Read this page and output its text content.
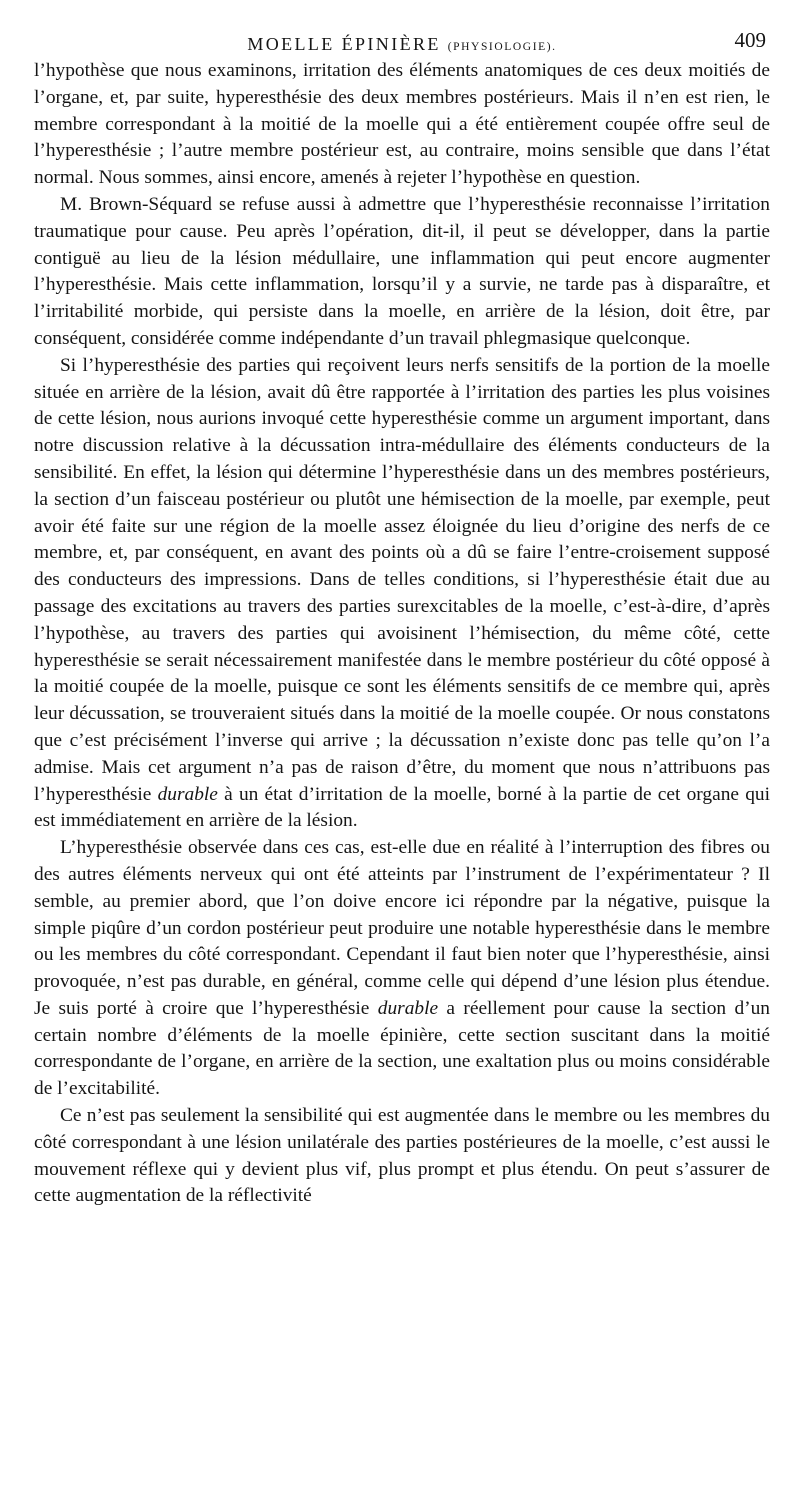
MOELLE ÉPINIÈRE (PHYSIOLOGIE).	409

l’hypothèse que nous examinons, irritation des éléments anatomiques de ces deux moitiés de l’organe, et, par suite, hyperesthésie des deux membres postérieurs. Mais il n’en est rien, le membre correspondant à la moitié de la moelle qui a été entièrement coupée offre seul de l’hyperesthésie ; l’autre membre postérieur est, au contraire, moins sensible que dans l’état normal. Nous sommes, ainsi encore, amenés à rejeter l’hypothèse en question.

M. Brown-Séquard se refuse aussi à admettre que l’hyperesthésie reconnaisse l’irritation traumatique pour cause. Peu après l’opération, dit-il, il peut se développer, dans la partie contiguë au lieu de la lésion médullaire, une inflammation qui peut encore augmenter l’hyperesthésie. Mais cette inflammation, lorsqu’il y a survie, ne tarde pas à disparaître, et l’irritabilité morbide, qui persiste dans la moelle, en arrière de la lésion, doit être, par conséquent, considérée comme indépendante d’un travail phlegmasique quelconque.

Si l’hyperesthésie des parties qui reçoivent leurs nerfs sensitifs de la portion de la moelle située en arrière de la lésion, avait dû être rapportée à l’irritation des parties les plus voisines de cette lésion, nous aurions invoqué cette hyperesthésie comme un argument important, dans notre discussion relative à la décussation intra-médullaire des éléments conducteurs de la sensibilité. En effet, la lésion qui détermine l’hyperesthésie dans un des membres postérieurs, la section d’un faisceau postérieur ou plutôt une hémisection de la moelle, par exemple, peut avoir été faite sur une région de la moelle assez éloignée du lieu d’origine des nerfs de ce membre, et, par conséquent, en avant des points où a dû se faire l’entre-croisement supposé des conducteurs des impressions. Dans de telles conditions, si l’hyperesthésie était due au passage des excitations au travers des parties surexcitables de la moelle, c’est-à-dire, d’après l’hypothèse, au travers des parties qui avoisinent l’hémisection, du même côté, cette hyperesthésie se serait nécessairement manifestée dans le membre postérieur du côté opposé à la moitié coupée de la moelle, puisque ce sont les éléments sensitifs de ce membre qui, après leur décussation, se trouveraient situés dans la moitié de la moelle coupée. Or nous constatons que c’est précisément l’inverse qui arrive ; la décussation n’existe donc pas telle qu’on l’a admise. Mais cet argument n’a pas de raison d’être, du moment que nous n’attribuons pas l’hyperesthésie durable à un état d’irritation de la moelle, borné à la partie de cet organe qui est immédiatement en arrière de la lésion.

L’hyperesthésie observée dans ces cas, est-elle due en réalité à l’interruption des fibres ou des autres éléments nerveux qui ont été atteints par l’instrument de l’expérimentateur ? Il semble, au premier abord, que l’on doive encore ici répondre par la négative, puisque la simple piqûre d’un cordon postérieur peut produire une notable hyperesthésie dans le membre ou les membres du côté correspondant. Cependant il faut bien noter que l’hyperesthésie, ainsi provoquée, n’est pas durable, en général, comme celle qui dépend d’une lésion plus étendue. Je suis porté à croire que l’hyperesthésie durable a réellement pour cause la section d’un certain nombre d’éléments de la moelle épinière, cette section suscitant dans la moitié correspondante de l’organe, en arrière de la section, une exaltation plus ou moins considérable de l’excitabilité.

Ce n’est pas seulement la sensibilité qui est augmentée dans le membre ou les membres du côté correspondant à une lésion unilatérale des parties postérieures de la moelle, c’est aussi le mouvement réflexe qui y devient plus vif, plus prompt et plus étendu. On peut s’assurer de cette augmentation de la réflectivité
